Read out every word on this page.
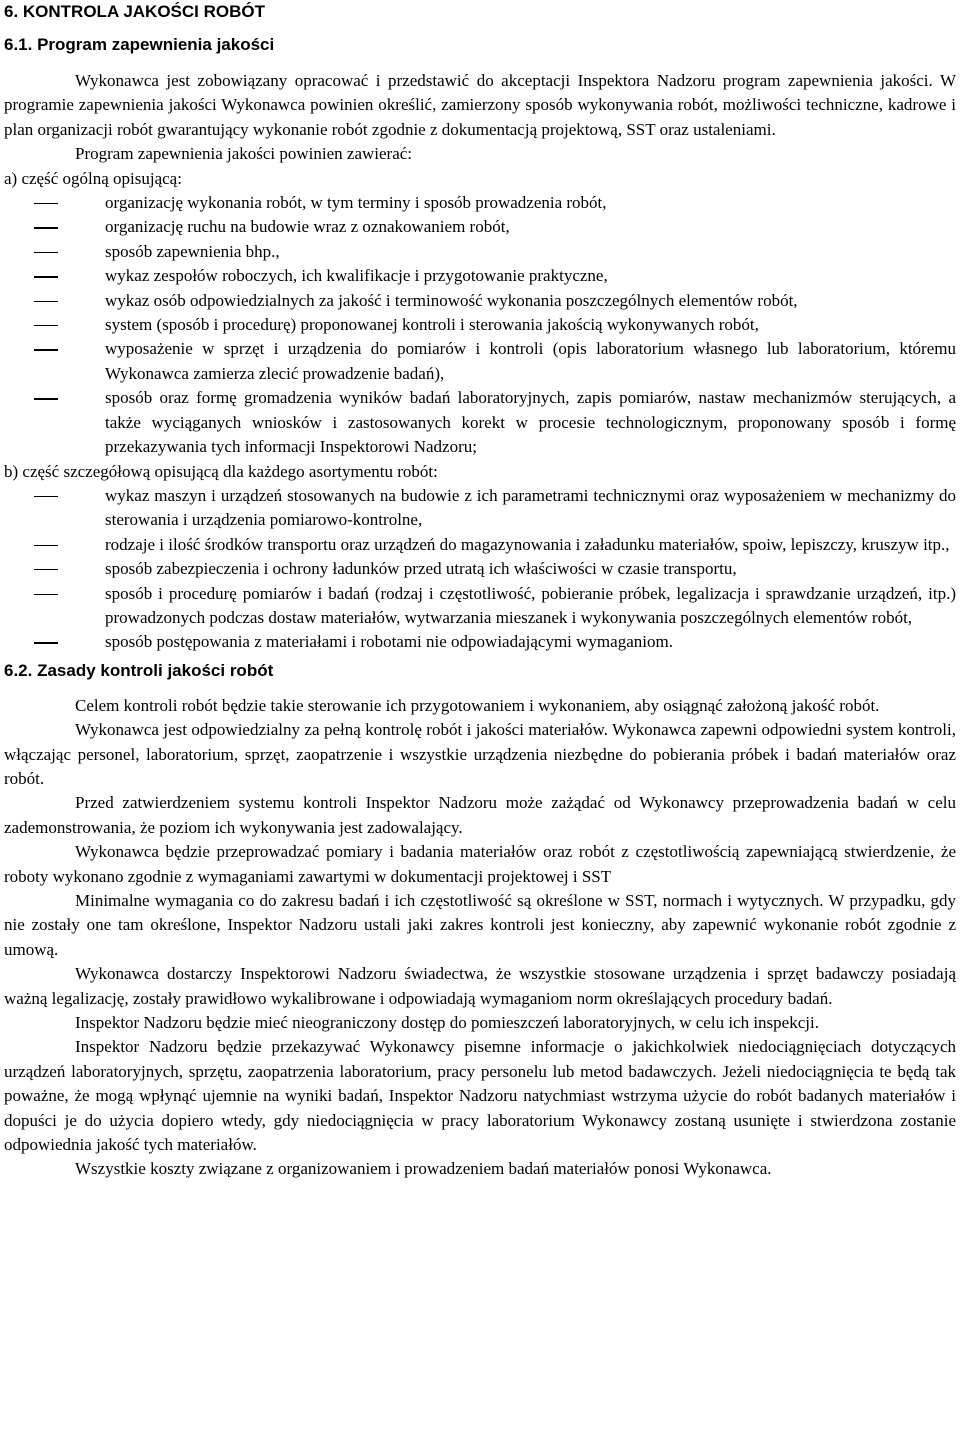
6. KONTROLA JAKOŚCI ROBÓT
6.1. Program zapewnienia jakości

Wykonawca jest zobowiązany opracować i przedstawić do akceptacji Inspektora Nadzoru program zapewnienia jakości. W programie zapewnienia jakości Wykonawca powinien określić, zamierzony sposób wykonywania robót, możliwości techniczne, kadrowe i plan organizacji robót gwarantujący wykonanie robót zgodnie z dokumentacją projektową, SST oraz ustaleniami.

Program zapewnienia jakości powinien zawierać:

a) część ogólną opisującą:
organizację wykonania robót, w tym terminy i sposób prowadzenia robót,
organizację ruchu na budowie wraz z oznakowaniem robót,
sposób zapewnienia bhp.,
wykaz zespołów roboczych, ich kwalifikacje i przygotowanie praktyczne,
wykaz osób odpowiedzialnych za jakość i terminowość wykonania poszczególnych elementów robót,
system (sposób i procedurę) proponowanej kontroli i sterowania jakością wykonywanych robót,
wyposażenie w sprzęt i urządzenia do pomiarów i kontroli (opis laboratorium własnego lub laboratorium, któremu Wykonawca zamierza zlecić prowadzenie badań),
sposób oraz formę gromadzenia wyników badań laboratoryjnych, zapis pomiarów, nastaw mechanizmów sterujących, a także wyciąganych wniosków i zastosowanych korekt w procesie technologicznym, proponowany sposób i formę przekazywania tych informacji Inspektorowi Nadzoru;
b) część szczegółową opisującą dla każdego asortymentu robót:
wykaz maszyn i urządzeń stosowanych na budowie z ich parametrami technicznymi oraz wyposażeniem w mechanizmy do sterowania i urządzenia pomiarowo-kontrolne,
rodzaje i ilość środków transportu oraz urządzeń do magazynowania i załadunku materiałów, spoiw, lepiszczy, kruszyw itp.,
sposób zabezpieczenia i ochrony ładunków przed utratą ich właściwości w czasie transportu,
sposób i procedurę pomiarów i badań (rodzaj i częstotliwość, pobieranie próbek, legalizacja i sprawdzanie urządzeń, itp.) prowadzonych podczas dostaw materiałów, wytwarzania mieszanek i wykonywania poszczególnych elementów robót,
sposób postępowania z materiałami i robotami nie odpowiadającymi wymaganiom.
6.2. Zasady kontroli jakości robót

Celem kontroli robót będzie takie sterowanie ich przygotowaniem i wykonaniem, aby osiągnąć założoną jakość robót.

Wykonawca jest odpowiedzialny za pełną kontrolę robót i jakości materiałów. Wykonawca zapewni odpowiedni system kontroli, włączając personel, laboratorium, sprzęt, zaopatrzenie i wszystkie urządzenia niezbędne do pobierania próbek i badań materiałów oraz robót.

Przed zatwierdzeniem systemu kontroli Inspektor Nadzoru może zażądać od Wykonawcy przeprowadzenia badań w celu zademonstrowania, że poziom ich wykonywania jest zadowalający.

Wykonawca będzie przeprowadzać pomiary i badania materiałów oraz robót z częstotliwością zapewniającą stwierdzenie, że roboty wykonano zgodnie z wymaganiami zawartymi w dokumentacji projektowej i SST

Minimalne wymagania co do zakresu badań i ich częstotliwość są określone w SST, normach i wytycznych. W przypadku, gdy nie zostały one tam określone, Inspektor Nadzoru ustali jaki zakres kontroli jest konieczny, aby zapewnić wykonanie robót zgodnie z umową.

Wykonawca dostarczy Inspektorowi Nadzoru świadectwa, że wszystkie stosowane urządzenia i sprzęt badawczy posiadają ważną legalizację, zostały prawidłowo wykalibrowane i odpowiadają wymaganiom norm określających procedury badań.

Inspektor Nadzoru będzie mieć nieograniczony dostęp do pomieszczeń laboratoryjnych, w celu ich inspekcji.

Inspektor Nadzoru będzie przekazywać Wykonawcy pisemne informacje o jakichkolwiek niedociągnięciach dotyczących urządzeń laboratoryjnych, sprzętu, zaopatrzenia laboratorium, pracy personelu lub metod badawczych. Jeżeli niedociągnięcia te będą tak poważne, że mogą wpłynąć ujemnie na wyniki badań, Inspektor Nadzoru natychmiast wstrzyma użycie do robót badanych materiałów i dopuści je do użycia dopiero wtedy, gdy niedociągnięcia w pracy laboratorium Wykonawcy zostaną usunięte i stwierdzona zostanie odpowiednia jakość tych materiałów.

Wszystkie koszty związane z organizowaniem i prowadzeniem badań materiałów ponosi Wykonawca.
